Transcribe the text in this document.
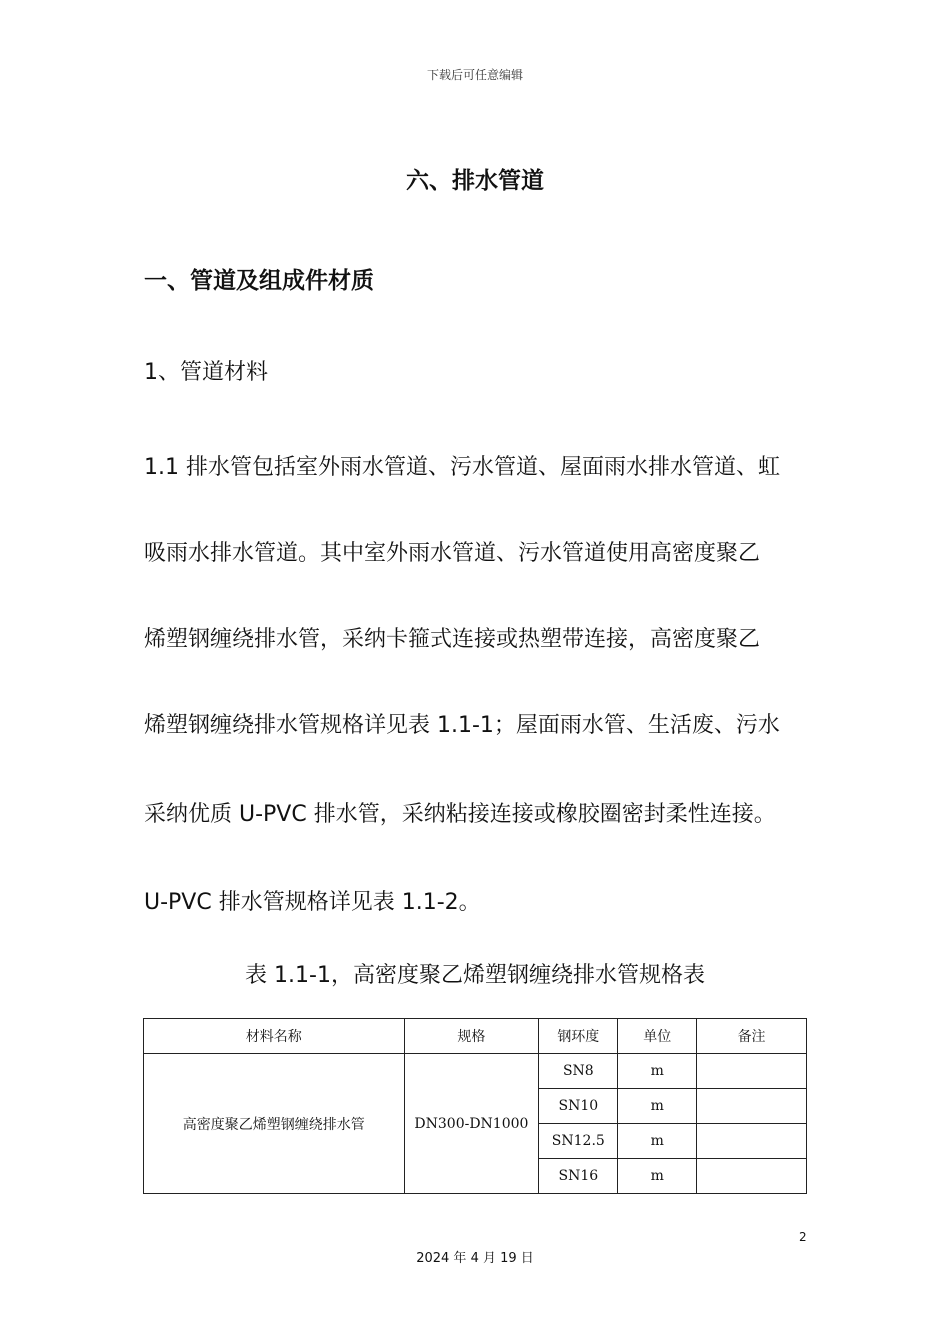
下载后可任意编辑
六、排水管道
一、管道及组成件材质
1、管道材料
1.1 排水管包括室外雨水管道、污水管道、屋面雨水排水管道、虹
吸雨水排水管道。其中室外雨水管道、污水管道使用高密度聚乙
烯塑钢缠绕排水管，采纳卡箍式连接或热塑带连接，高密度聚乙
烯塑钢缠绕排水管规格详见表 1.1-1；屋面雨水管、生活废、污水
采纳优质 U-PVC 排水管，采纳粘接连接或橡胶圈密封柔性连接。
U-PVC 排水管规格详见表 1.1-2。
表 1.1-1，高密度聚乙烯塑钢缠绕排水管规格表
材料名称	规格	钢环度	单位	备注
高密度聚乙烯塑钢缠绕排水管	DN300-DN1000	SN8	m	
		SN10	m	
		SN12.5	m	
		SN16	m	
2
2024 年 4 月 19 日
